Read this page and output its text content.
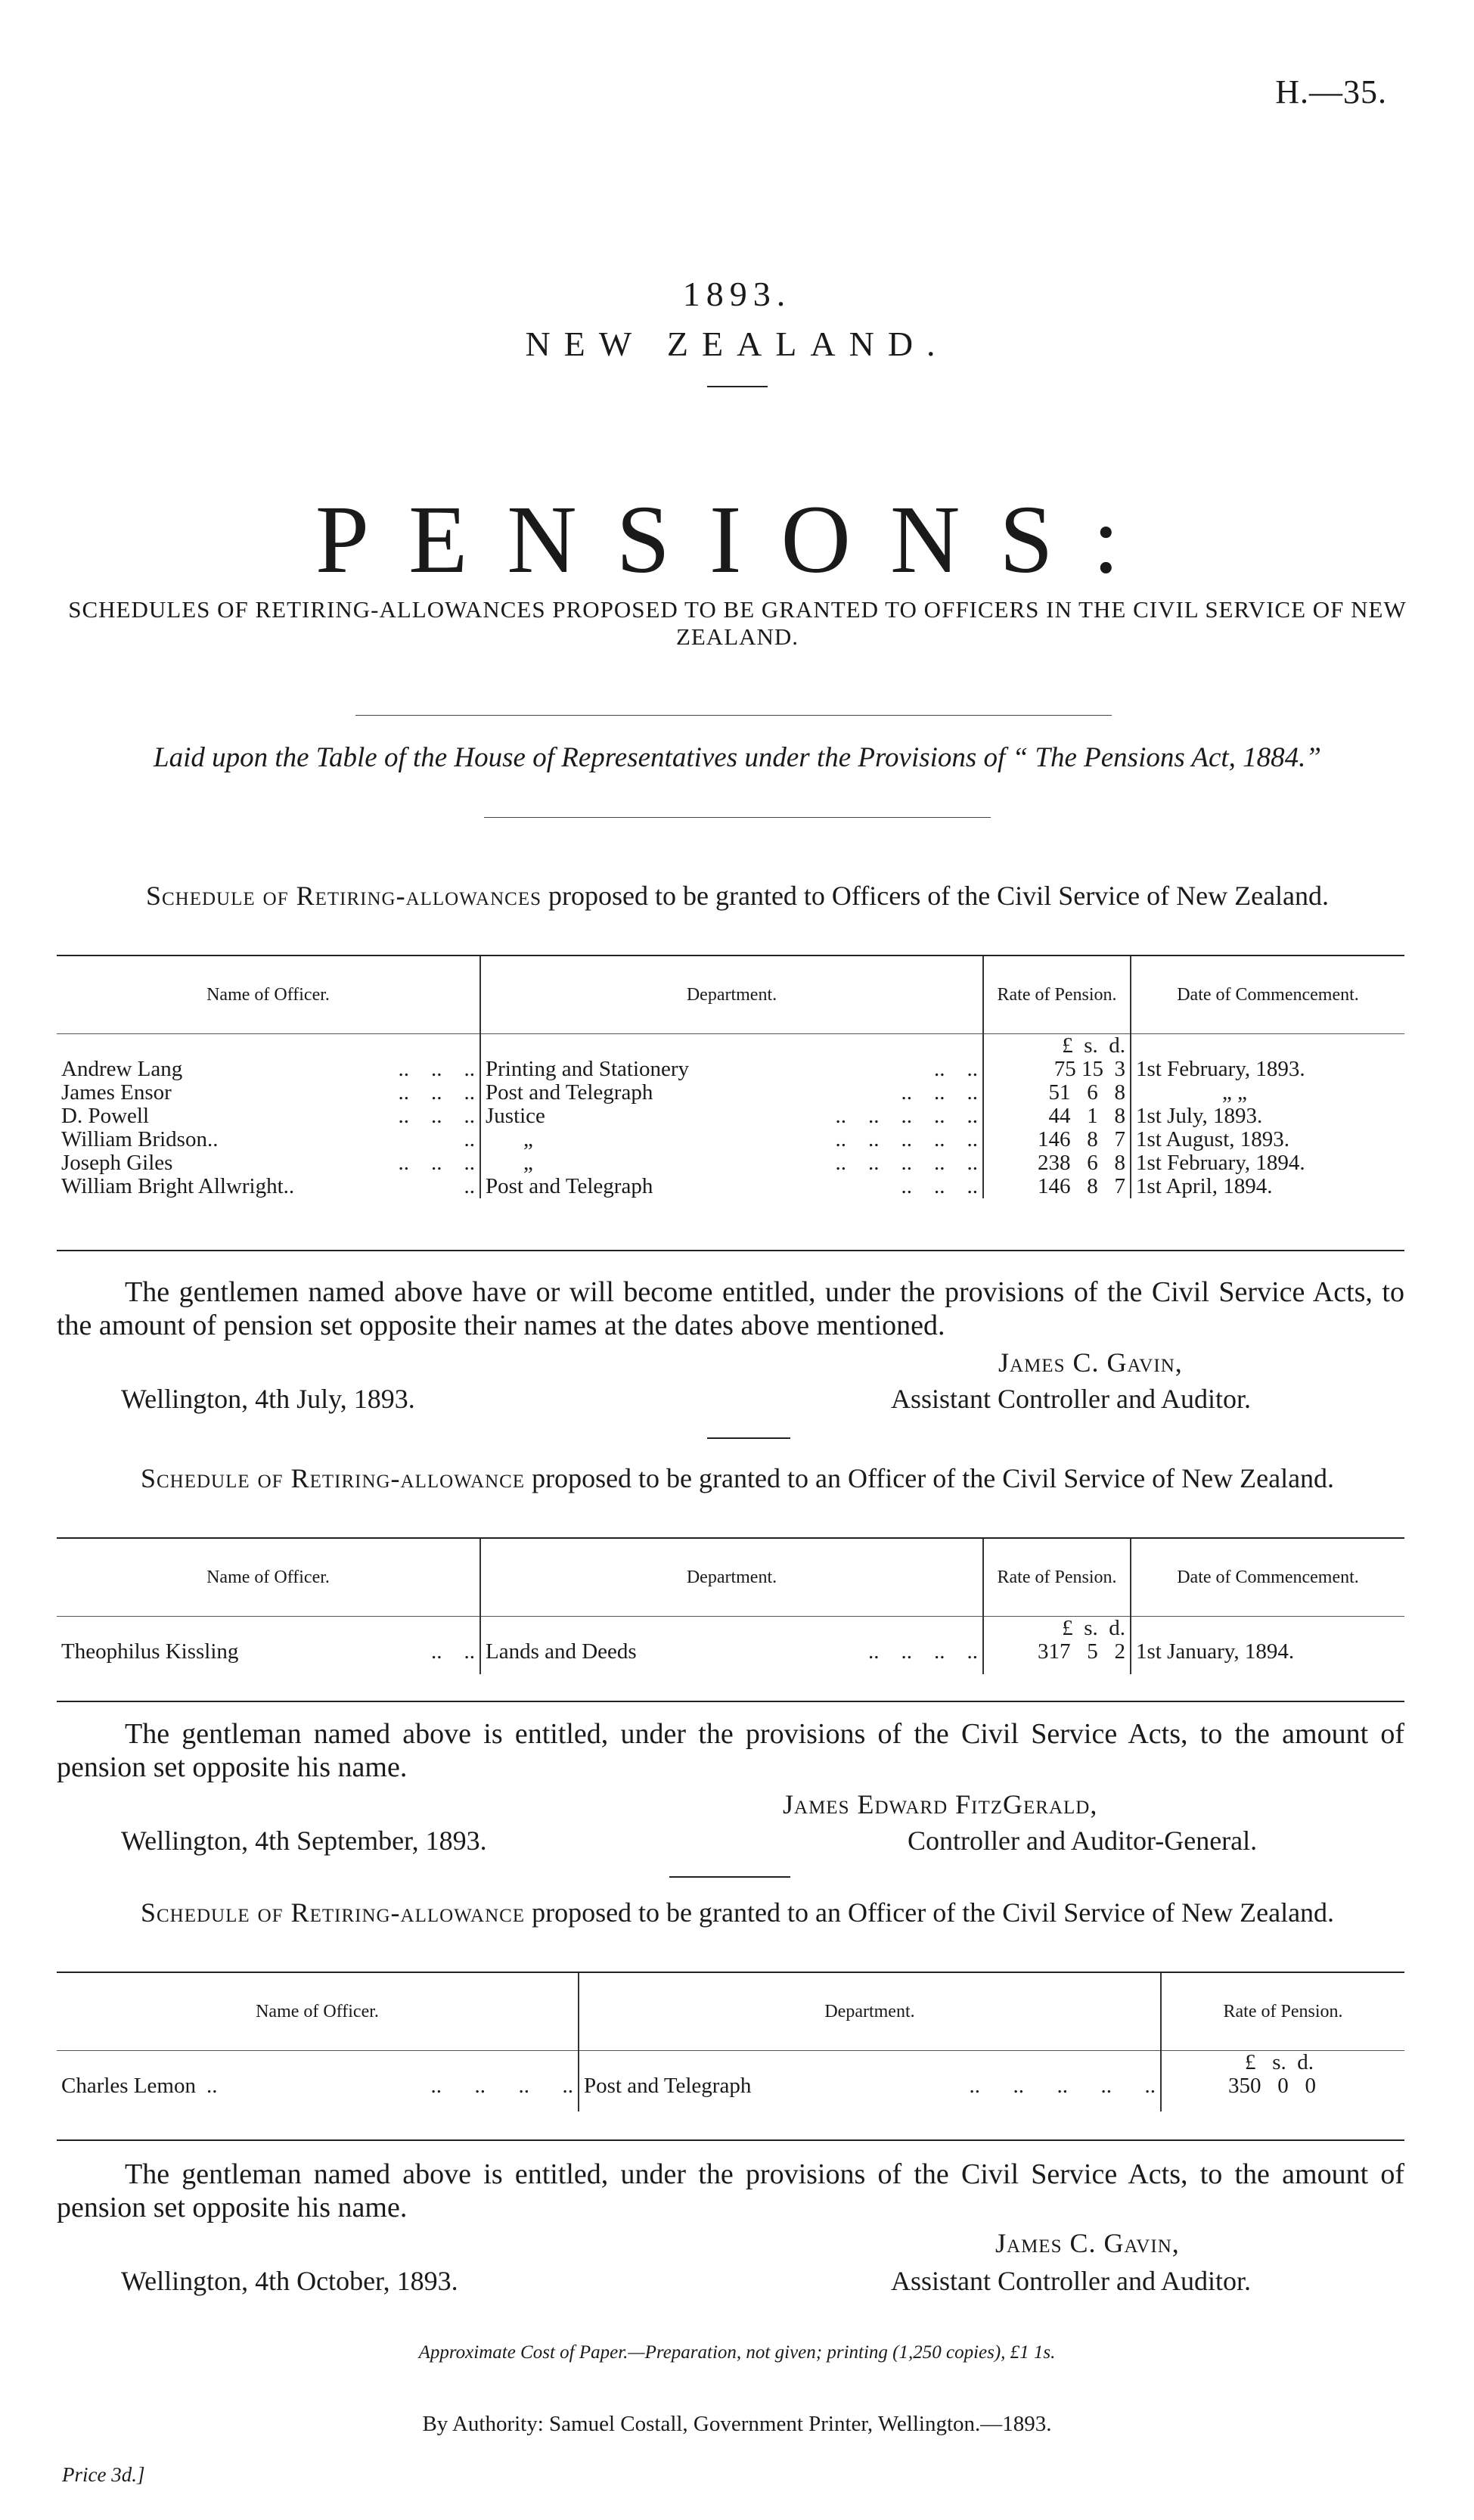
H.—35.
1893.
NEW ZEALAND.
PENSIONS:
SCHEDULES OF RETIRING-ALLOWANCES PROPOSED TO BE GRANTED TO OFFICERS IN THE CIVIL SERVICE OF NEW ZEALAND.
Laid upon the Table of the House of Representatives under the Provisions of “ The Pensions Act, 1884.”
Schedule of Retiring-allowances proposed to be granted to Officers of the Civil Service of New Zealand.
Name of Officer.	Department.	Rate of Pension.	Date of Commencement.
		£ s. d.	
Andrew Lang ..    ..    ..	Printing and Stationery ..    ..	75 15 3	1st February, 1893.
James Ensor ..    ..    ..	Post and Telegraph ..    ..    ..	51 6 8	„ „
D. Powell ..    ..    ..	Justice ..    ..    ..    ..    ..	44 1 8	1st July, 1893.
William Bridson.. ..	„ ..    ..    ..    ..    ..	146 8 7	1st August, 1893.
Joseph Giles ..    ..    ..	„ ..    ..    ..    ..    ..	238 6 8	1st February, 1894.
William Bright Allwright.. ..	Post and Telegraph ..    ..    ..	146 8 7	1st April, 1894.
The gentlemen named above have or will become entitled, under the provisions of the Civil Service Acts, to the amount of pension set opposite their names at the dates above mentioned.
James C. Gavin,
Wellington, 4th July, 1893.	Assistant Controller and Auditor.
Schedule of Retiring-allowance proposed to be granted to an Officer of the Civil Service of New Zealand.
Name of Officer.	Department.	Rate of Pension.	Date of Commencement.
		£ s. d.	
Theophilus Kissling ..    ..	Lands and Deeds ..    ..    ..    ..	317 5 2	1st January, 1894.

The gentleman named above is entitled, under the provisions of the Civil Service Acts, to the amount of pension set opposite his name.
James Edward FitzGerald,
Wellington, 4th September, 1893.	Controller and Auditor-General.
Schedule of Retiring-allowance proposed to be granted to an Officer of the Civil Service of New Zealand.
Name of Officer.	Department.	Rate of Pension.
		£ s. d.
Charles Lemon .. ..      ..      ..      ..	Post and Telegraph ..      ..      ..      ..      ..	350 0 0

The gentleman named above is entitled, under the provisions of the Civil Service Acts, to the amount of pension set opposite his name.
James C. Gavin,
Wellington, 4th October, 1893.	Assistant Controller and Auditor.
Approximate Cost of Paper.—Preparation, not given; printing (1,250 copies), £1 1s.
By Authority: Samuel Costall, Government Printer, Wellington.—1893.
Price 3d.]
